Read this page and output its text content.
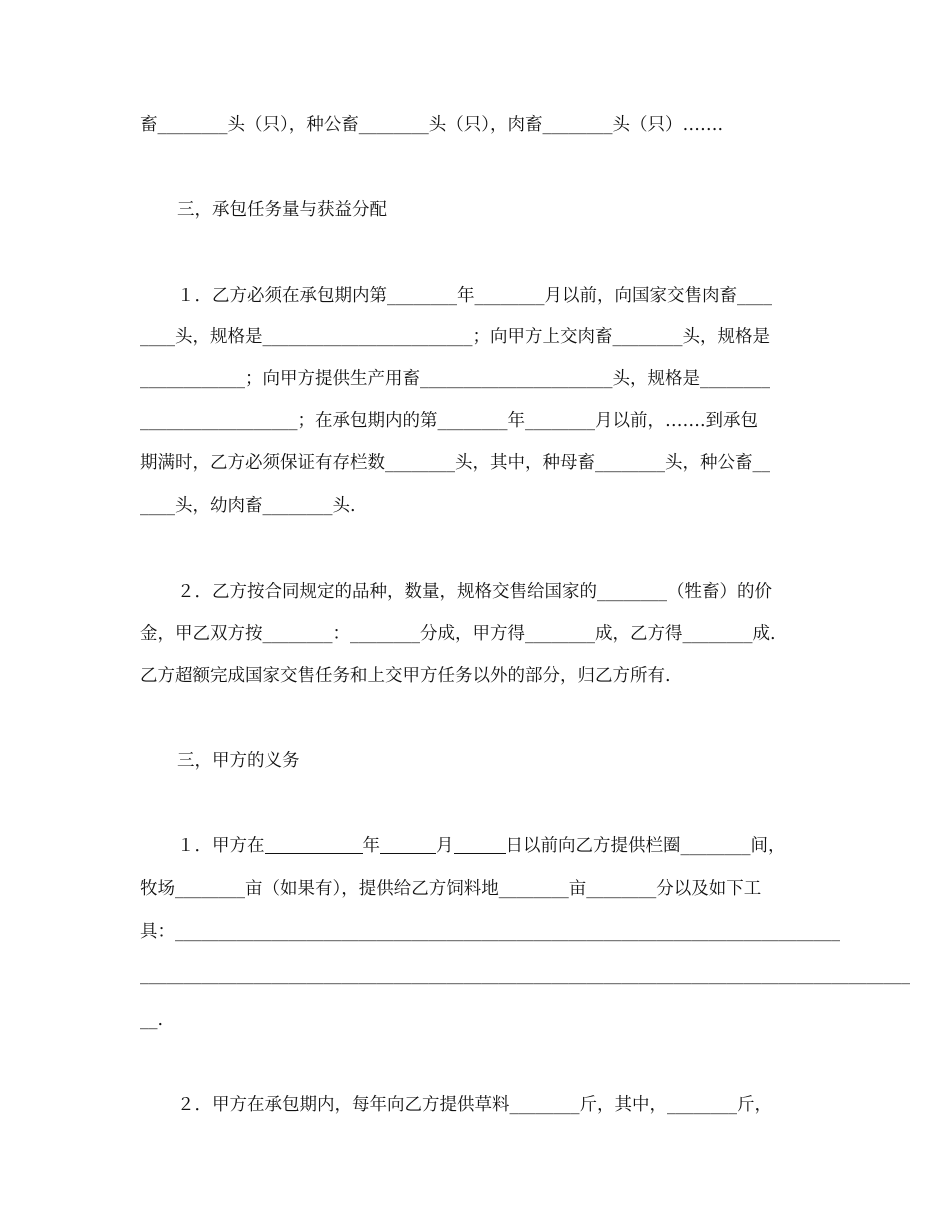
畜________头（只），种公畜________头（只），肉畜________头（只）…….
三，承包任务量与获益分配
１．乙方必须在承包期内第________年________月以前，向国家交售肉畜____
____头，规格是________________________；向甲方上交肉畜________头，规格是
____________；向甲方提供生产用畜______________________头，规格是________
__________________；在承包期内的第________年________月以前，…….到承包
期满时，乙方必须保证有存栏数________头，其中，种母畜________头，种公畜__
____头，幼肉畜________头.
２．乙方按合同规定的品种，数量，规格交售给国家的________（牲畜）的价
金，甲乙双方按________：________分成，甲方得________成，乙方得________成.
乙方超额完成国家交售任务和上交甲方任务以外的部分，归乙方所有.
三，甲方的义务
１．甲方在	年	月	日以前向乙方提供栏圈________间，
牧场________亩（如果有），提供给乙方饲料地________亩________分以及如下工
具：____________________________________________________________________________
________________________________________________________________________________________
__.
２．甲方在承包期内，每年向乙方提供草料________斤，其中，________斤，
